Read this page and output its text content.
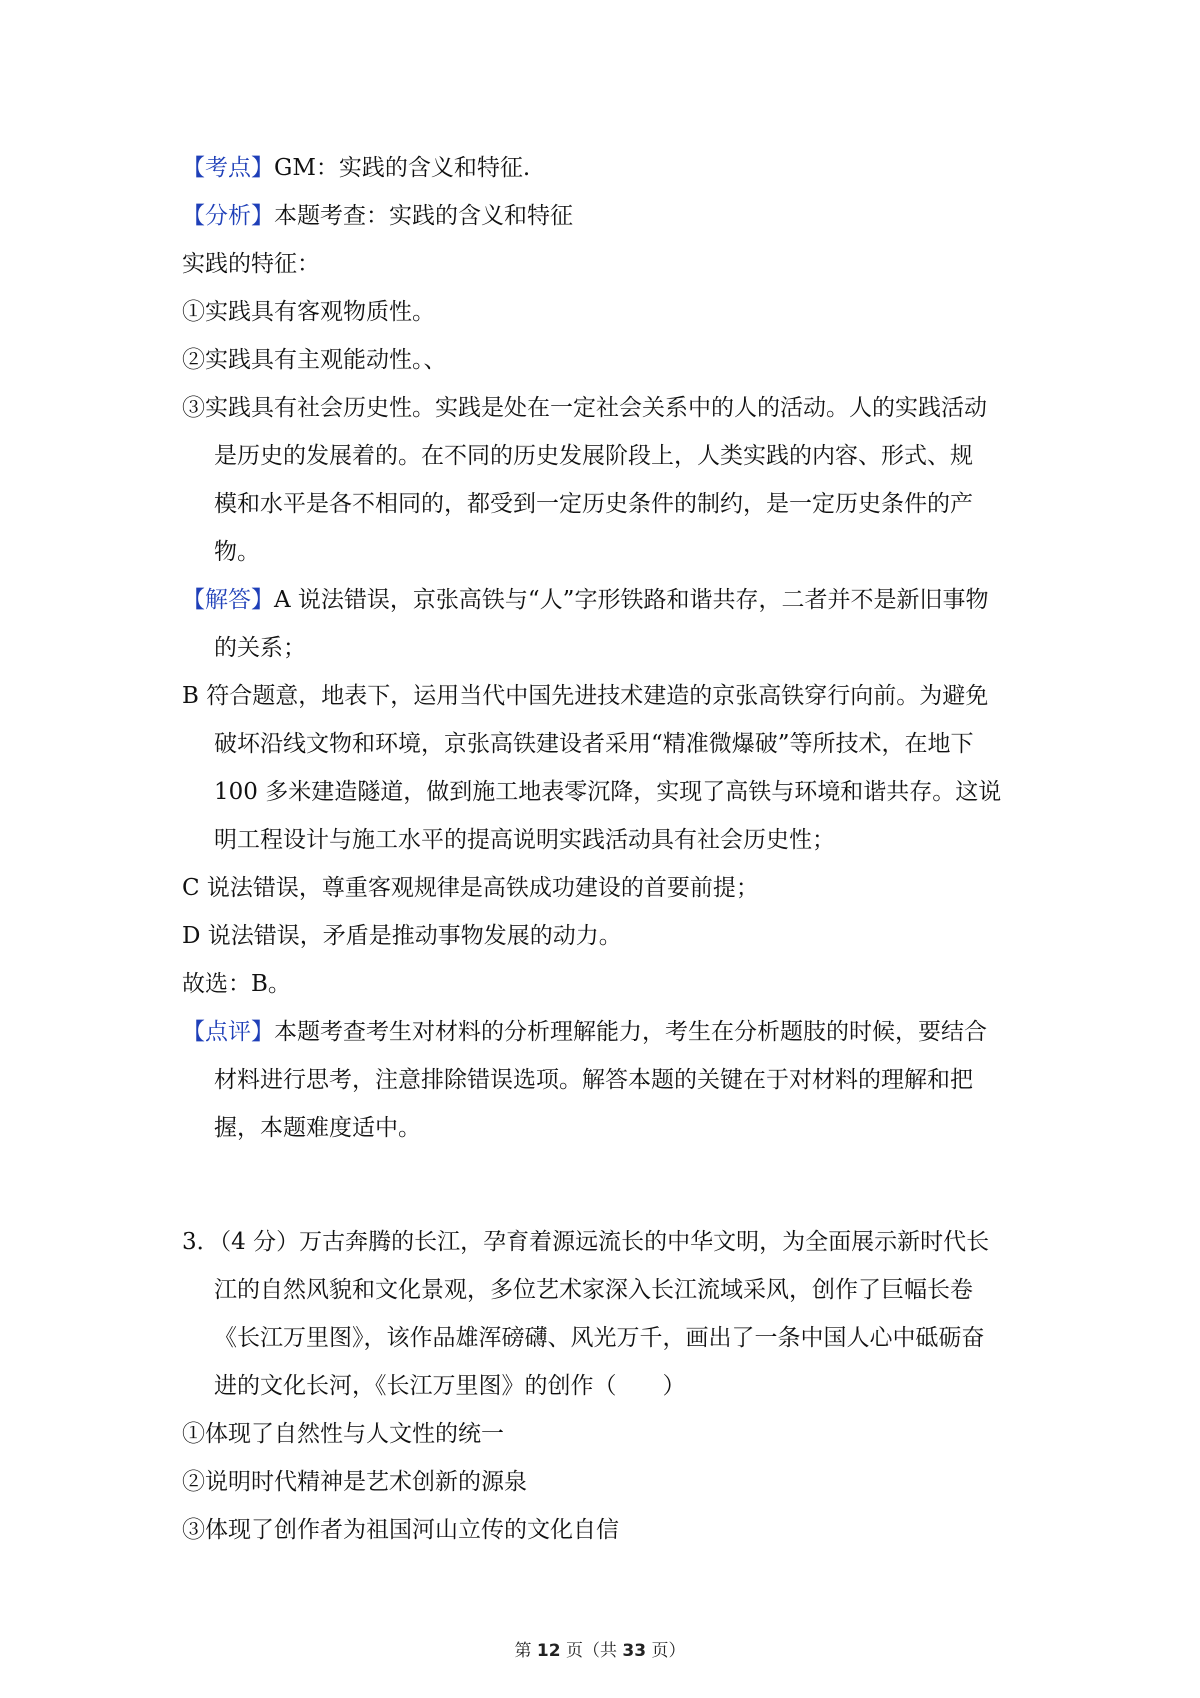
【考点】GM：实践的含义和特征.
【分析】本题考查：实践的含义和特征
实践的特征：
①实践具有客观物质性。
②实践具有主观能动性。、
③实践具有社会历史性。实践是处在一定社会关系中的人的活动。人的实践活动
是历史的发展着的。在不同的历史发展阶段上，人类实践的内容、形式、规
模和水平是各不相同的，都受到一定历史条件的制约，是一定历史条件的产
物。
【解答】A 说法错误，京张高铁与“人”字形铁路和谐共存，二者并不是新旧事物
的关系；
B 符合题意，地表下，运用当代中国先进技术建造的京张高铁穿行向前。为避免
破坏沿线文物和环境，京张高铁建设者采用“精准微爆破”等所技术，在地下
100 多米建造隧道，做到施工地表零沉降，实现了高铁与环境和谐共存。这说
明工程设计与施工水平的提高说明实践活动具有社会历史性；
C 说法错误，尊重客观规律是高铁成功建设的首要前提；
D 说法错误，矛盾是推动事物发展的动力。
故选：B。
【点评】本题考查考生对材料的分析理解能力，考生在分析题肢的时候，要结合
材料进行思考，注意排除错误选项。解答本题的关键在于对材料的理解和把
握，本题难度适中。
3．（4 分）万古奔腾的长江，孕育着源远流长的中华文明，为全面展示新时代长
江的自然风貌和文化景观，多位艺术家深入长江流域采风，创作了巨幅长卷
《长江万里图》，该作品雄浑磅礴、风光万千，画出了一条中国人心中砥砺奋
进的文化长河，《长江万里图》的创作（　　）
①体现了自然性与人文性的统一
②说明时代精神是艺术创新的源泉
③体现了创作者为祖国河山立传的文化自信
第 12 页（共 33 页）
